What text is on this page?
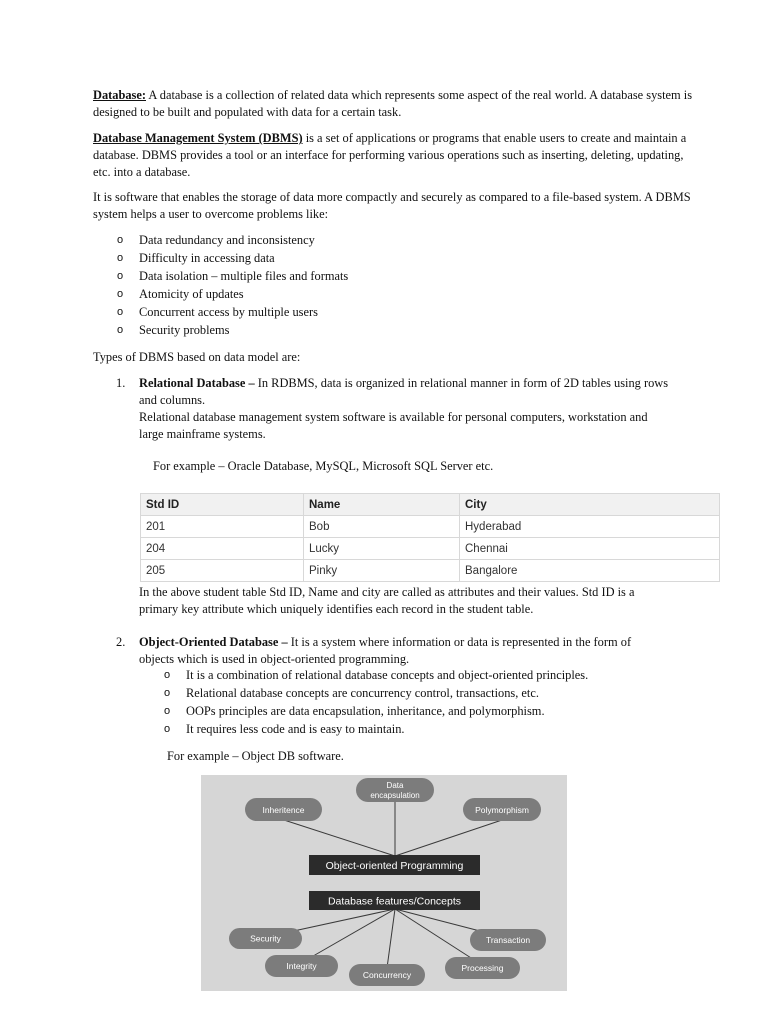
Database: A database is a collection of related data which represents some aspect of the real world. A database system is designed to be built and populated with data for a certain task.
Database Management System (DBMS) is a set of applications or programs that enable users to create and maintain a database. DBMS provides a tool or an interface for performing various operations such as inserting, deleting, updating, etc. into a database.
It is software that enables the storage of data more compactly and securely as compared to a file-based system. A DBMS system helps a user to overcome problems like:
o Data redundancy and inconsistency
o Difficulty in accessing data
o Data isolation – multiple files and formats
o Atomicity of updates
o Concurrent access by multiple users
o Security problems
Types of DBMS based on data model are:
1. Relational Database – In RDBMS, data is organized in relational manner in form of 2D tables using rows and columns.
Relational database management system software is available for personal computers, workstation and large mainframe systems.
For example – Oracle Database, MySQL, Microsoft SQL Server etc.
Std ID	Name	City
201	Bob	Hyderabad
204	Lucky	Chennai
205	Pinky	Bangalore
In the above student table Std ID, Name and city are called as attributes and their values. Std ID is a primary key attribute which uniquely identifies each record in the student table.
2. Object-Oriented Database – It is a system where information or data is represented in the form of objects which is used in object-oriented programming.
o It is a combination of relational database concepts and object-oriented principles.
o Relational database concepts are concurrency control, transactions, etc.
o OOPs principles are data encapsulation, inheritance, and polymorphism.
o It requires less code and is easy to maintain.
For example – Object DB software.
Inheritence
Data
encapsulation
Polymorphism
Object-oriented Programming
Database features/Concepts
Security
Integrity
Concurrency
Processing
Transaction
